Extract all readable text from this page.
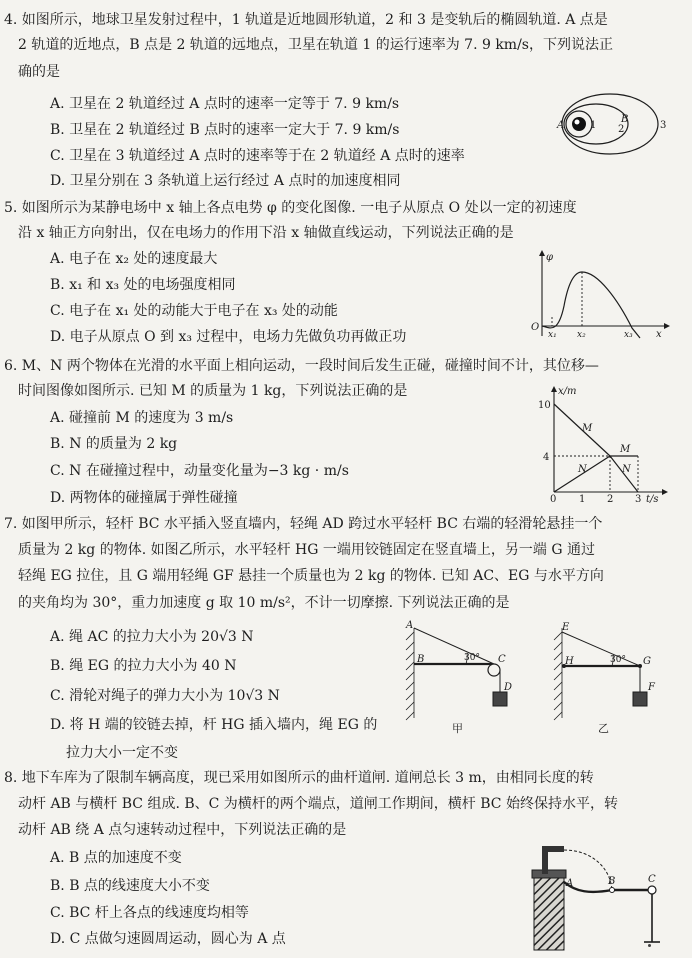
4. 如图所示，地球卫星发射过程中，1 轨道是近地圆形轨道，2 和 3 是变轨后的椭圆轨道. A 点是
2 轨道的近地点，B 点是 2 轨道的远地点，卫星在轨道 1 的运行速率为 7. 9 km/s，下列说法正
确的是
A. 卫星在 2 轨道经过 A 点时的速率一定等于 7. 9 km/s
B. 卫星在 2 轨道经过 B 点时的速率一定大于 7. 9 km/s
C. 卫星在 3 轨道经过 A 点时的速率等于在 2 轨道经 A 点时的速率
D. 卫星分别在 3 条轨道上运行经过 A 点时的加速度相同
A	1
B
2	3
5. 如图所示为某静电场中 x 轴上各点电势 φ 的变化图像. 一电子从原点 O 处以一定的初速度
沿 x 轴正方向射出，仅在电场力的作用下沿 x 轴做直线运动，下列说法正确的是
A. 电子在 x₂ 处的速度最大
B. x₁ 和 x₃ 处的电场强度相同
C. 电子在 x₁ 处的动能大于电子在 x₃ 处的动能
D. 电子从原点 O 到 x₃ 过程中，电场力先做负功再做正功
φ
O
x₁ x₂	x₃ x
6. M、N 两个物体在光滑的水平面上相向运动，一段时间后发生正碰，碰撞时间不计，其位移—
时间图像如图所示. 已知 M 的质量为 1 kg，下列说法正确的是
A. 碰撞前 M 的速度为 3 m/s
B. N 的质量为 2 kg
C. N 在碰撞过程中，动量变化量为−3 kg · m/s
D. 两物体的碰撞属于弹性碰撞
x/m
10
4
0 1 2 3 t/s
M
M
N	N
7. 如图甲所示，轻杆 BC 水平插入竖直墙内，轻绳 AD 跨过水平轻杆 BC 右端的轻滑轮悬挂一个
质量为 2 kg 的物体. 如图乙所示，水平轻杆 HG 一端用铰链固定在竖直墙上，另一端 G 通过
轻绳 EG 拉住，且 G 端用轻绳 GF 悬挂一个质量也为 2 kg 的物体. 已知 AC、EG 与水平方向
的夹角均为 30°，重力加速度 g 取 10 m/s²，不计一切摩擦. 下列说法正确的是
A. 绳 AC 的拉力大小为 20√3 N
B. 绳 EG 的拉力大小为 40 N
C. 滑轮对绳子的弹力大小为 10√3 N
D. 将 H 端的铰链去掉，杆 HG 插入墙内，绳 EG 的
拉力大小一定不变
A
B	30° C
D
甲
E
H	30° G
F
乙
8. 地下车库为了限制车辆高度，现已采用如图所示的曲杆道闸. 道闸总长 3 m，由相同长度的转
动杆 AB 与横杆 BC 组成. B、C 为横杆的两个端点，道闸工作期间，横杆 BC 始终保持水平，转
动杆 AB 绕 A 点匀速转动过程中，下列说法正确的是
A. B 点的加速度不变
B. B 点的线速度大小不变
C. BC 杆上各点的线速度均相等
D. C 点做匀速圆周运动，圆心为 A 点
A	B	C
